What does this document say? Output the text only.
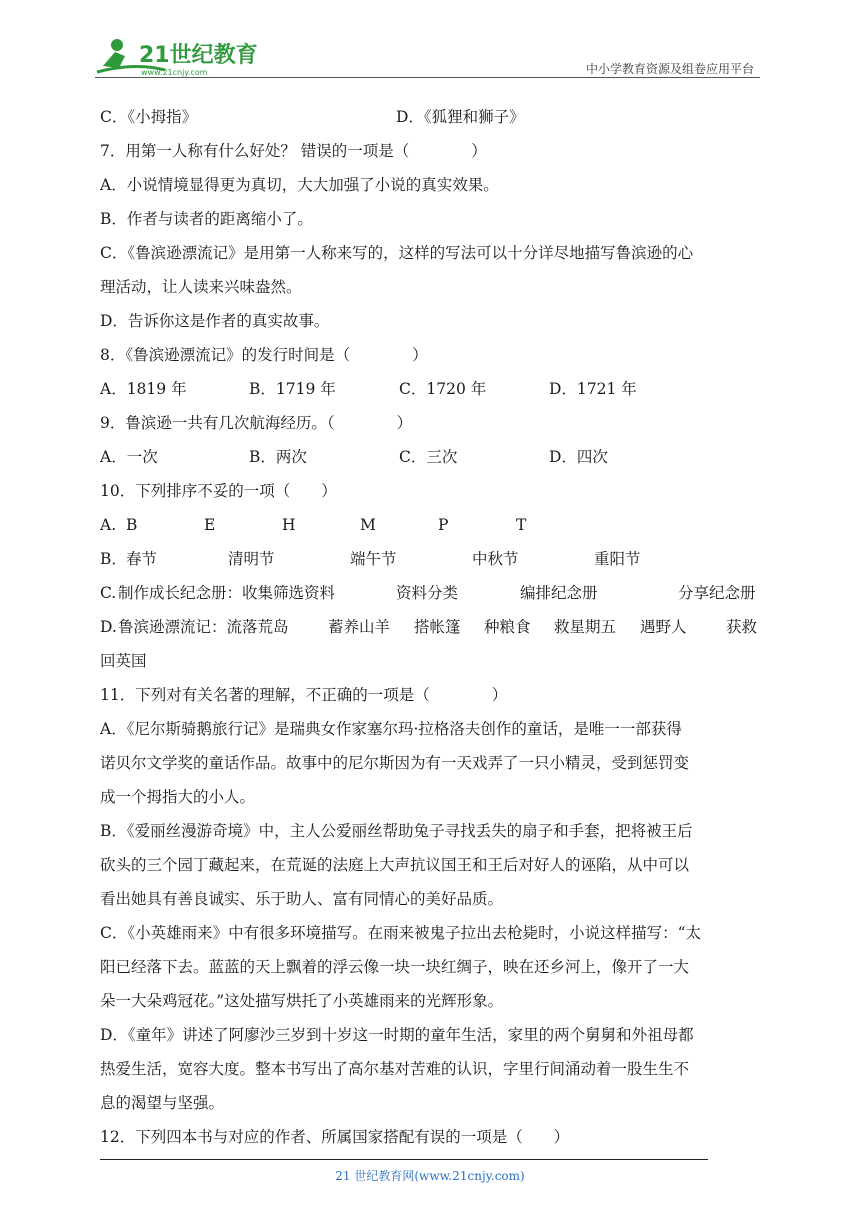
21世纪教育
www.21cnjy.com	中小学教育资源及组卷应用平台
C．《小拇指》	D．《狐狸和狮子》
7．用第一人称有什么好处？ 错误的一项是（　　　　）
A．小说情境显得更为真切，大大加强了小说的真实效果。
B．作者与读者的距离缩小了。
C．《鲁滨逊漂流记》是用第一人称来写的，这样的写法可以十分详尽地描写鲁滨逊的心
理活动，让人读来兴味盎然。
D．告诉你这是作者的真实故事。
8．《鲁滨逊漂流记》的发行时间是（　　　　）
A．1819 年	B．1719 年	C．1720 年	D．1721 年
9．鲁滨逊一共有几次航海经历。（　　　　）
A．一次	B．两次	C．三次	D．四次
10．下列排序不妥的一项（　　）
A. B	E	H	M	P	T
B．春节	清明节	端午节	中秋节	重阳节
C. 制作成长纪念册：收集筛选资料	资料分类	编排纪念册	分享纪念册
D.鲁滨逊漂流记：流落荒岛	蓄养山羊 搭帐篷 种粮食 救星期五 遇野人	获救
回英国
11．下列对有关名著的理解，不正确的一项是（　　　　）
A．《尼尔斯骑鹅旅行记》是瑞典女作家塞尔玛·拉格洛夫创作的童话，是唯一一部获得
诺贝尔文学奖的童话作品。故事中的尼尔斯因为有一天戏弄了一只小精灵，受到惩罚变
成一个拇指大的小人。
B．《爱丽丝漫游奇境》中，主人公爱丽丝帮助兔子寻找丢失的扇子和手套，把将被王后
砍头的三个园丁藏起来，在荒诞的法庭上大声抗议国王和王后对好人的诬陷，从中可以
看出她具有善良诚实、乐于助人、富有同情心的美好品质。
C．《小英雄雨来》中有很多环境描写。在雨来被鬼子拉出去枪毙时，小说这样描写：“太
阳已经落下去。蓝蓝的天上飘着的浮云像一块一块红绸子，映在还乡河上，像开了一大
朵一大朵鸡冠花。”这处描写烘托了小英雄雨来的光辉形象。
D．《童年》讲述了阿廖沙三岁到十岁这一时期的童年生活，家里的两个舅舅和外祖母都
热爱生活，宽容大度。整本书写出了高尔基对苦难的认识，字里行间涌动着一股生生不
息的渴望与坚强。
12．下列四本书与对应的作者、所属国家搭配有误的一项是（　　）
21 世纪教育网(www.21cnjy.com)
